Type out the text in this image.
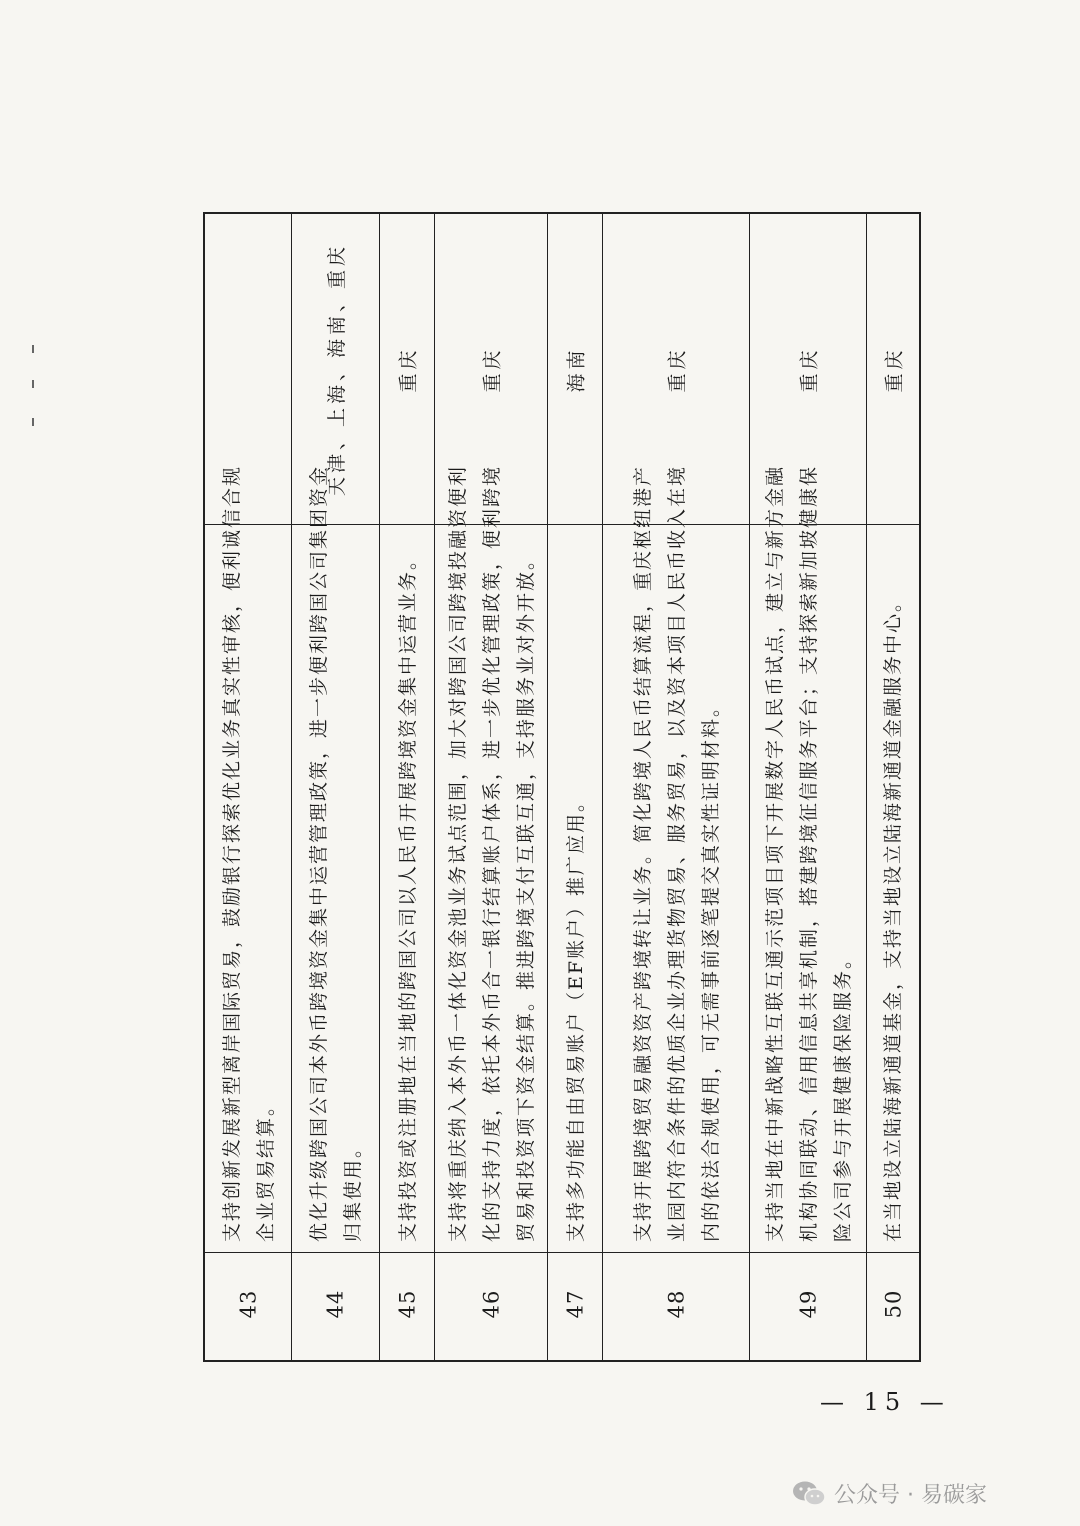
43
支持创新发展新型离岸国际贸易，鼓励银行探索优化业务真实性审核，便利诚信合规 企业贸易结算。
44
优化升级跨国公司本外币跨境资金集中运营管理政策，进一步便利跨国公司集团资金 归集使用。
天津、上海、海南、重庆
45
支持投资或注册地在当地的跨国公司以人民币开展跨境资金集中运营业务。
重庆
46
支持将重庆纳入本外币一体化资金池业务试点范围，加大对跨国公司跨境投融资便利 化的支持力度，依托本外币合一银行结算账户体系，进一步优化管理政策，便利跨境 贸易和投资项下资金结算。推进跨境支付互联互通，支持服务业对外开放。
重庆
47
支持多功能自由贸易账户（EF账户）推广应用。
海南
48
支持开展跨境贸易融资资产跨境转让业务。简化跨境人民币结算流程，重庆枢纽港产 业园内符合条件的优质企业办理货物贸易、服务贸易，以及资本项目人民币收入在境 内的依法合规使用，可无需事前逐笔提交真实性证明材料。
重庆
49
支持当地在中新战略性互联互通示范项目项下开展数字人民币试点，建立与新方金融 机构协同联动、信用信息共享机制，搭建跨境征信服务平台；支持探索新加坡健康保 险公司参与开展健康保险服务。
重庆
50
在当地设立陆海新通道基金，支持当地设立陆海新通道金融服务中心。
重庆
— 15 —
公众号 · 易碳家
